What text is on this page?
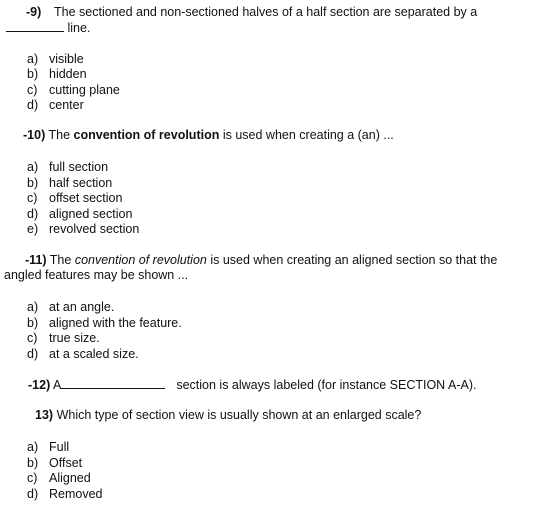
-9) The sectioned and non-sectioned halves of a half section are separated by a
line.
a) visible
b) hidden
c) cutting plane
d) center
-10) The convention of revolution is used when creating a (an) ...
a) full section
b) half section
c) offset section
d) aligned section
e) revolved section
-11) The convention of revolution is used when creating an aligned section so that the
angled features may be shown ...
a) at an angle.
b) aligned with the feature.
c) true size.
d) at a scaled size.
-12) A	section is always labeled (for instance SECTION A-A).
13) Which type of section view is usually shown at an enlarged scale?
a) Full
b) Offset
c) Aligned
d) Removed
